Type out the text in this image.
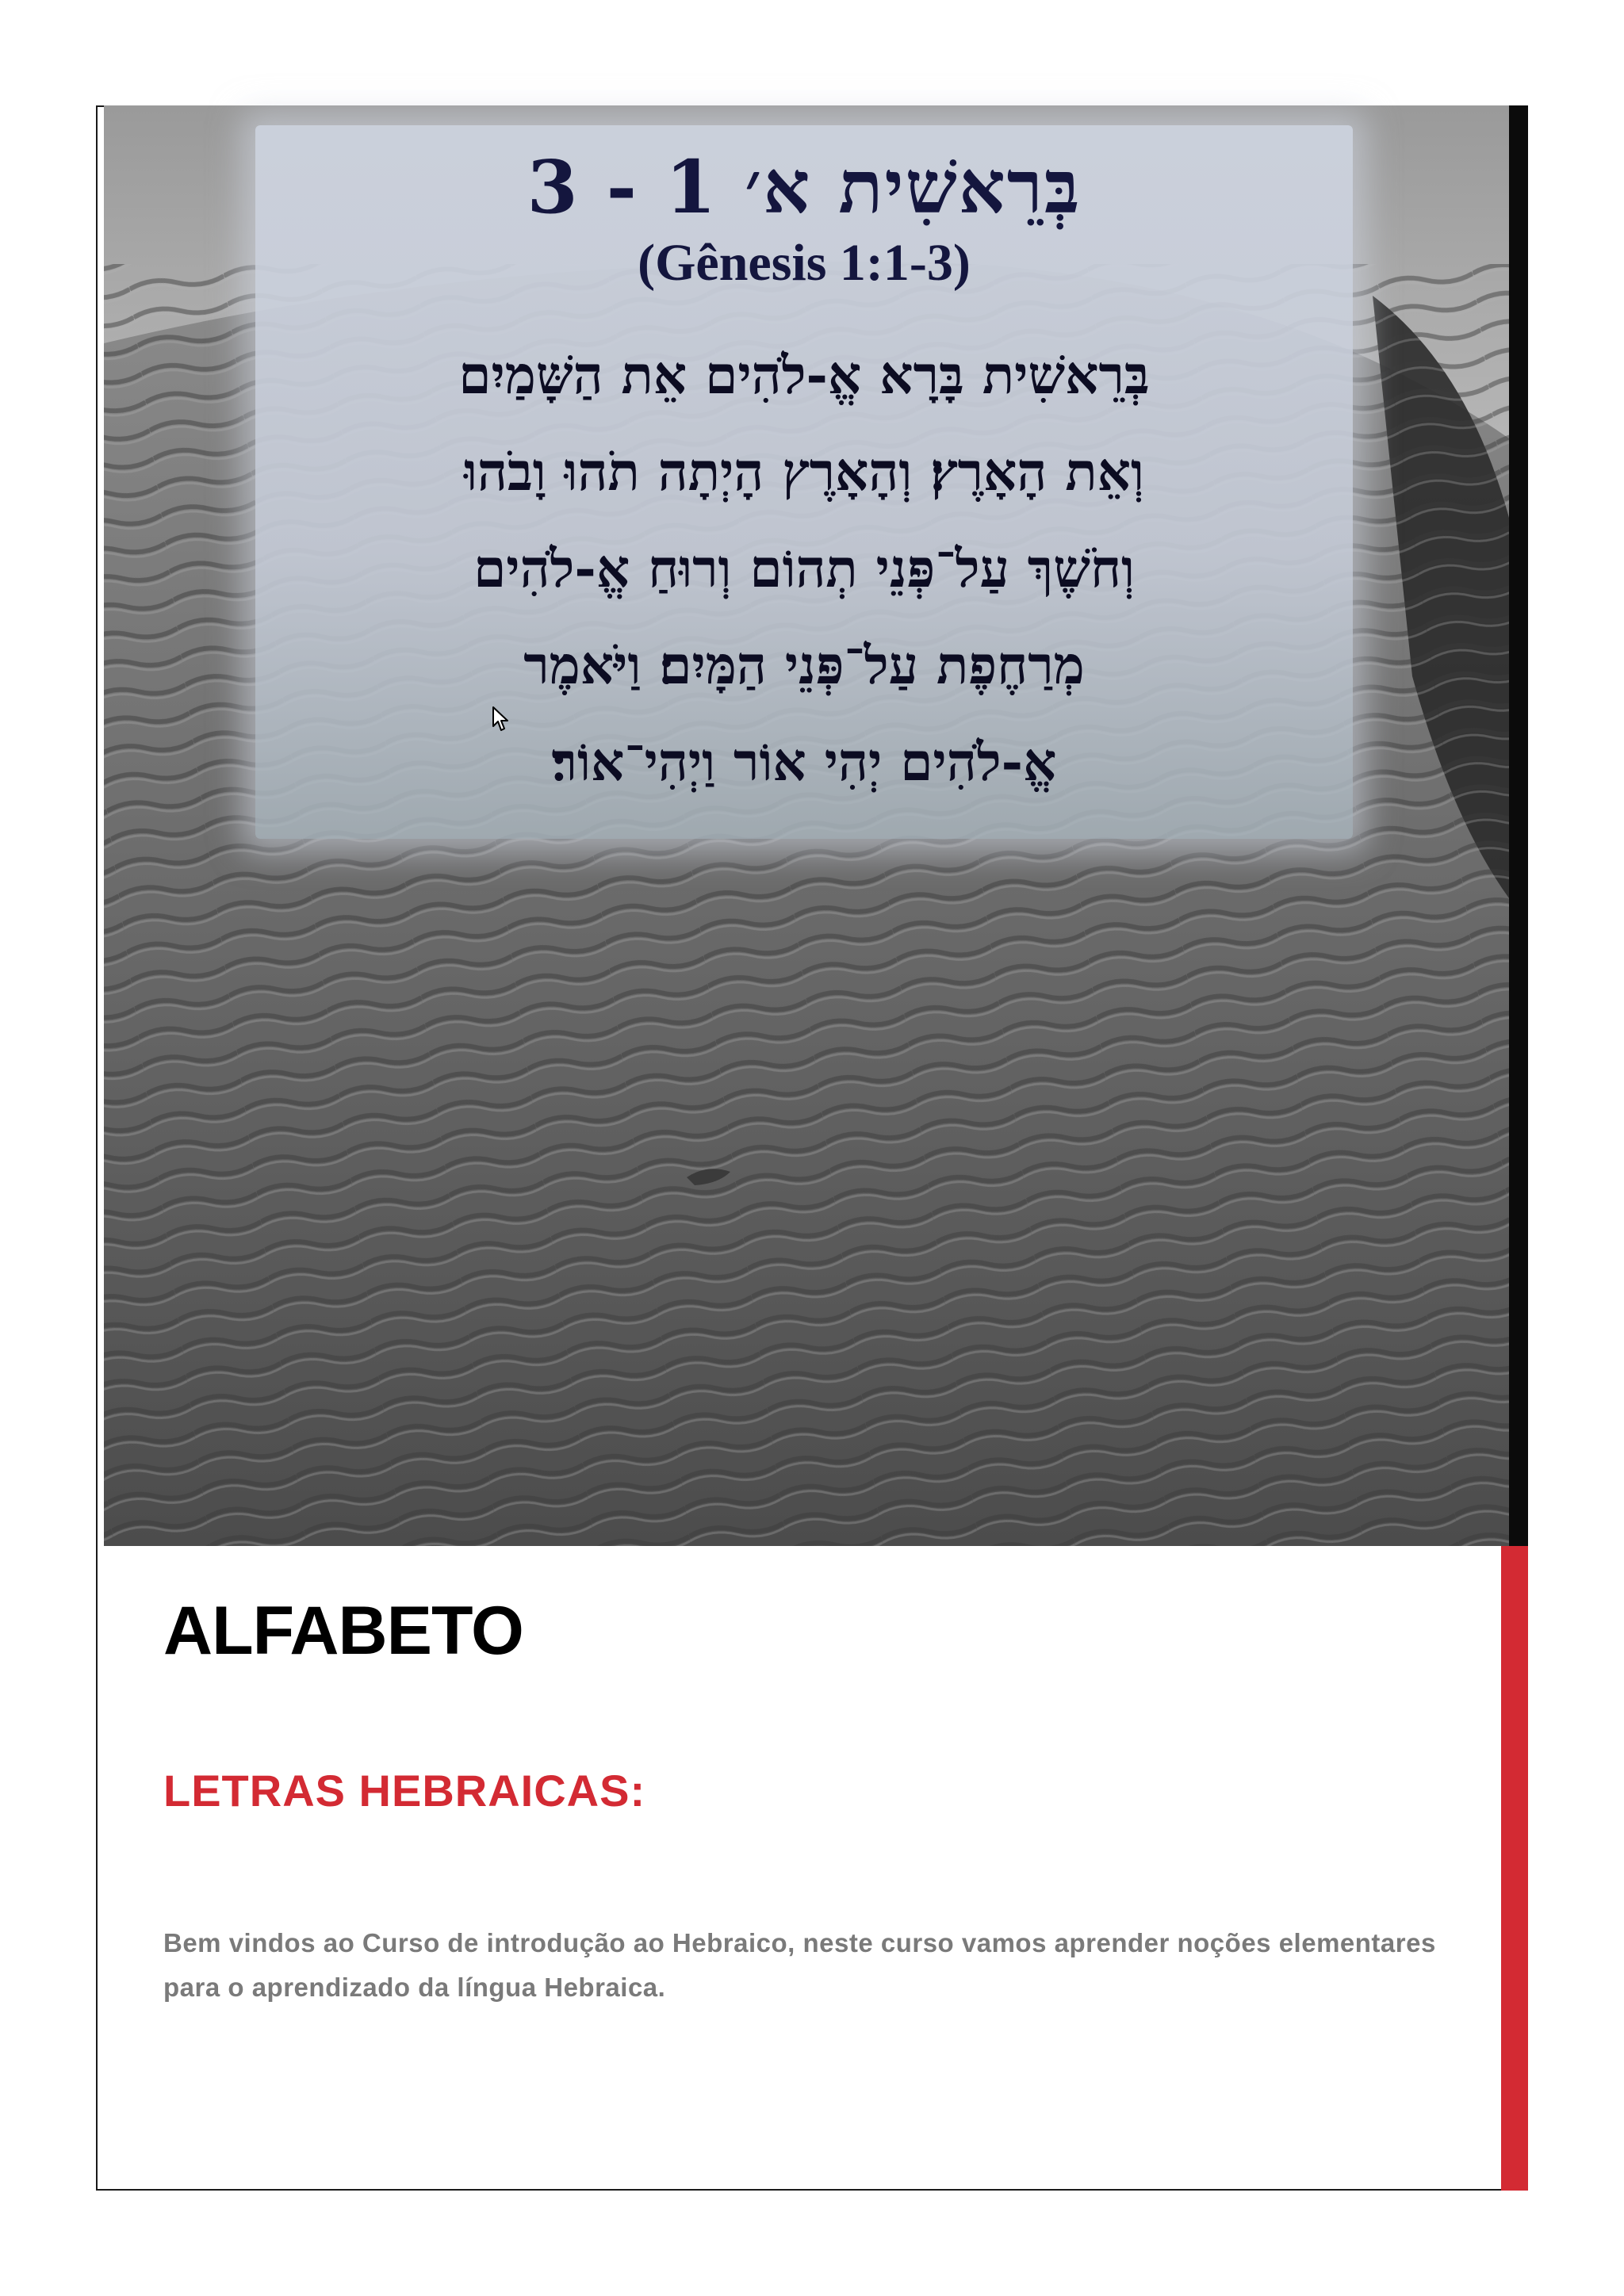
בְּרֵאשִׁית א׳ 1 - 3
(Gênesis 1:1-3)
בְּרֵאשִׁית בָּרָא אֱ-לֹהִים אֵת הַשָּׁמַיִם
וְאֵת הָאָרֶץ׃ וְהָאָרֶץ הָיְתָה תֹהוּ וָבֹהוּ
וְחֹשֶׁךְ עַל־פְּנֵי תְהוֹם וְרוּחַ אֱ-לֹהִים
מְרַחֶפֶת עַל־פְּנֵי הַמָּיִם׃ וַיֹּאמֶר
אֱ-לֹהִים יְהִי אוֹר וַיְהִי־אוֹר׃
ALFABETO
LETRAS HEBRAICAS:
Bem vindos ao Curso de introdução ao Hebraico, neste curso vamos aprender noções elementares para o aprendizado da língua Hebraica.
